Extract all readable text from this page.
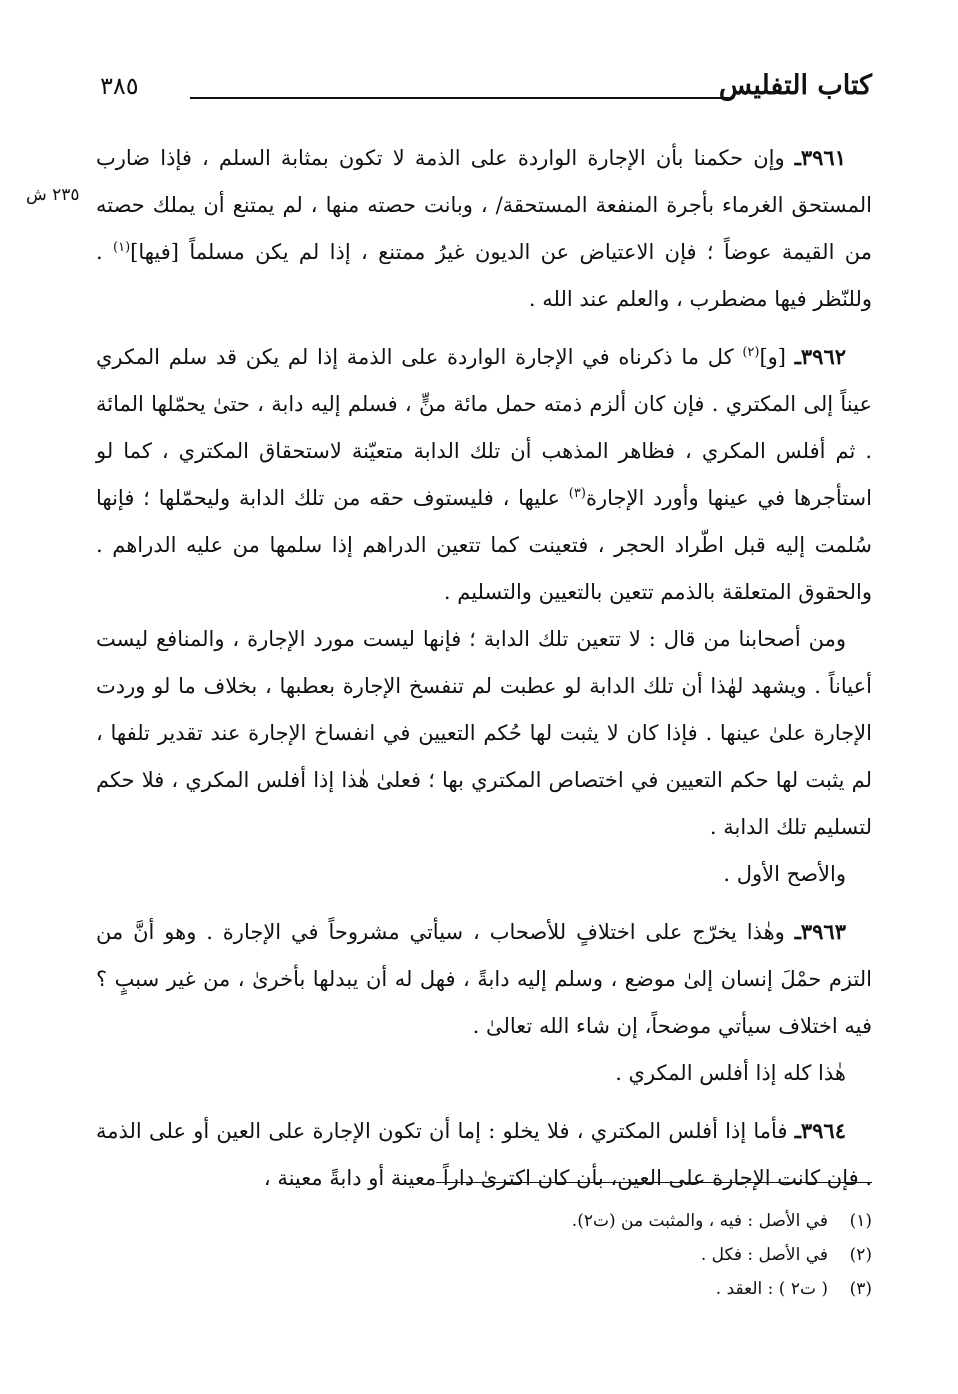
كتاب التفليس
٣٨٥
٢٣٥ ش

٣٩٦١ـ وإن حكمنا بأن الإجارة الواردة على الذمة لا تكون بمثابة السلم ، فإذا ضارب المستحق الغرماء بأجرة المنفعة المستحقة/ ، وبانت حصته منها ، لم يمتنع أن يملك حصته من القيمة عوضاً ؛ فإن الاعتياض عن الديون غيرُ ممتنع ، إذا لم يكن مسلماً [فيها]$^{(١)}$ . وللنّظر فيها مضطرب ، والعلم عند الله .

٣٩٦٢ـ [و]$^{(٢)}$ كل ما ذكرناه في الإجارة الواردة على الذمة إذا لم يكن قد سلم المكري عيناً إلى المكتري . فإن كان ألزم ذمته حمل مائة منٍّ ، فسلم إليه دابة ، حتىٰ يحمّلها المائة . ثم أفلس المكري ، فظاهر المذهب أن تلك الدابة متعيّنة لاستحقاق المكتري ، كما لو استأجرها في عينها وأورد الإجارة$^{(٣)}$ عليها ، فليستوف حقه من تلك الدابة وليحمّلها ؛ فإنها سُلمت إليه قبل اطّراد الحجر ، فتعينت كما تتعين الدراهم إذا سلمها من عليه الدراهم . والحقوق المتعلقة بالذمم تتعين بالتعيين والتسليم .

ومن أصحابنا من قال : لا تتعين تلك الدابة ؛ فإنها ليست مورد الإجارة ، والمنافع ليست أعياناً . ويشهد لهٰذا أن تلك الدابة لو عطبت لم تنفسخ الإجارة بعطبها ، بخلاف ما لو وردت الإجارة علىٰ عينها . فإذا كان لا يثبت لها حُكم التعيين في انفساخ الإجارة عند تقدير تلفها ، لم يثبت لها حكم التعيين في اختصاص المكتري بها ؛ فعلىٰ هٰذا إذا أفلس المكري ، فلا حكم لتسليم تلك الدابة .

والأصح الأول .

٣٩٦٣ـ وهٰذا يخرّج على اختلافٍ للأصحاب ، سيأتي مشروحاً في الإجارة . وهو أنَّ من التزم حمْلَ إنسان إلىٰ موضع ، وسلم إليه دابةً ، فهل له أن يبدلها بأخرىٰ ، من غير سببٍ ؟ فيه اختلاف سيأتي موضحاً، إن شاء الله تعالىٰ .

هٰذا كله إذا أفلس المكري .

٣٩٦٤ـ فأما إذا أفلس المكتري ، فلا يخلو : إما أن تكون الإجارة على العين أو على الذمة . فإن كانت الإجارة على العين، بأن كان اكترىٰ داراً معينة أو دابةً معينة ،

(١)في الأصل : فيه ، والمثبت من (ت٢).
(٢)في الأصل : فكل .
(٣)( ت٢ ) : العقد .
